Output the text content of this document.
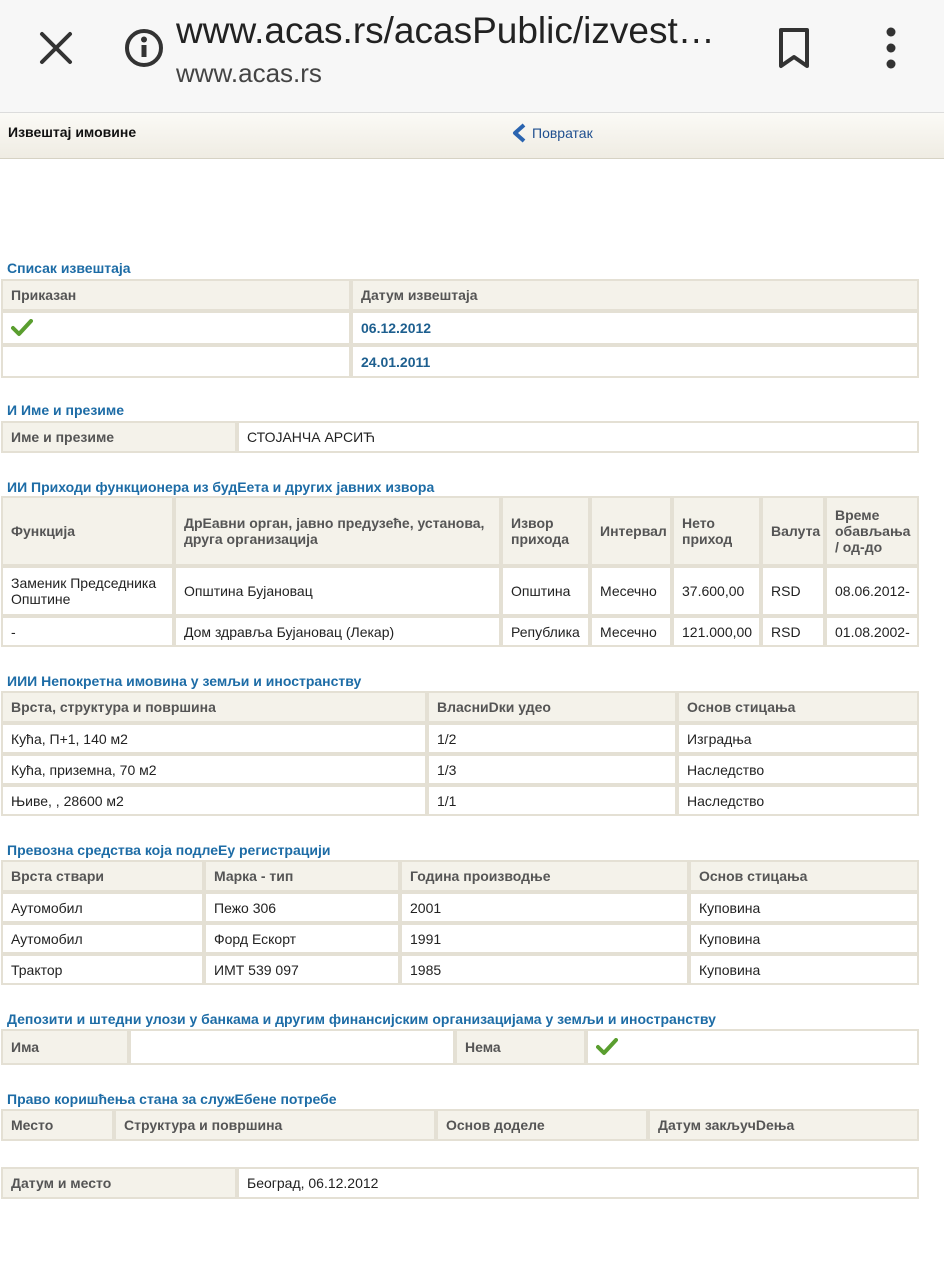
www.acas.rs/acasPublic/izvest…
www.acas.rs
Извештај имовине	Повратак
Списак извештаја
Приказан	Датум извештаја
	06.12.2012
	24.01.2011
И Име и презиме
Име и презиме	СТОЈАНЧА АРСИЋ
ИИ Приходи функционера из будЕета и других јавних извора
Функција	ДрЕавни орган, јавно предузеће, установа, друга организација	Извор прихода	Интервал	Нето приход	Валута	Време обављања / од-до
Заменик Председника Општине	Општина Бујановац	Општина	Месечно	37.600,00	RSD	08.06.2012-
-	Дом здравља Бујановац (Лекар)	Република	Месечно	121.000,00	RSD	01.08.2002-
ИИИ Непокретна имовина у земљи и иностранству
Врста, структура и површина	ВласниDки удео	Основ стицања
Кућа, П+1, 140 м2	1/2	Изградња
Кућа, приземна, 70 м2	1/3	Наследство
Њиве, , 28600 м2	1/1	Наследство
Превозна средства која подлеЕу регистрацији
Врста ствари	Марка - тип	Година производње	Основ стицања
Аутомобил	Пежо 306	2001	Куповина
Аутомобил	Форд Ескорт	1991	Куповина
Трактор	ИМТ 539 097	1985	Куповина
Депозити и штедни улози у банкама и другим финансијским организацијама у земљи и иностранству
Има		Нема	
Право коришћења стана за служЕбене потребе
Место	Структура и површина	Основ доделе	Датум закључDења
Датум и место	Београд, 06.12.2012
